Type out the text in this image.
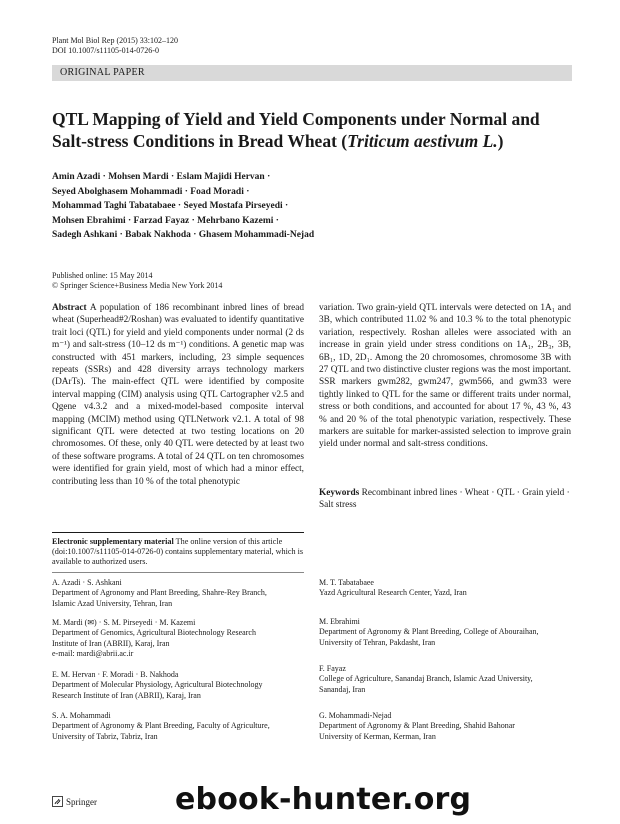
Plant Mol Biol Rep (2015) 33:102–120
DOI 10.1007/s11105-014-0726-0
ORIGINAL PAPER
QTL Mapping of Yield and Yield Components under Normal and Salt-stress Conditions in Bread Wheat (Triticum aestivum L.)
Amin Azadi · Mohsen Mardi · Eslam Majidi Hervan ·
Seyed Abolghasem Mohammadi · Foad Moradi ·
Mohammad Taghi Tabatabaee · Seyed Mostafa Pirseyedi ·
Mohsen Ebrahimi · Farzad Fayaz · Mehrbano Kazemi ·
Sadegh Ashkani · Babak Nakhoda · Ghasem Mohammadi-Nejad
Published online: 15 May 2014
© Springer Science+Business Media New York 2014
Abstract A population of 186 recombinant inbred lines of bread wheat (Superhead#2/Roshan) was evaluated to identify quantitative trait loci (QTL) for yield and yield components under normal (2 ds m⁻¹) and salt-stress (10–12 ds m⁻¹) conditions. A genetic map was constructed with 451 markers, including, 23 simple sequences repeats (SSRs) and 428 diversity arrays technology markers (DArTs). The main-effect QTL were identified by composite interval mapping (CIM) analysis using QTL Cartographer v2.5 and Qgene v4.3.2 and a mixed-model-based composite interval mapping (MCIM) method using QTLNetwork v2.1. A total of 98 significant QTL were detected at two testing locations on 20 chromosomes. Of these, only 40 QTL were detected by at least two of these software programs. A total of 24 QTL on ten chromosomes were identified for grain yield, most of which had a minor effect, contributing less than 10 % of the total phenotypic
variation. Two grain-yield QTL intervals were detected on 1A₁ and 3B, which contributed 11.02 % and 10.3 % to the total phenotypic variation, respectively. Roshan alleles were associated with an increase in grain yield under stress conditions on 1A₁, 2B₃, 3B, 6B₁, 1D, 2D₁. Among the 20 chromosomes, chromosome 3B with 27 QTL and two distinctive cluster regions was the most important. SSR markers gwm282, gwm247, gwm566, and gwm33 were tightly linked to QTL for the same or different traits under normal, stress or both conditions, and accounted for about 17 %, 43 %, 43 % and 20 % of the total phenotypic variation, respectively. These markers are suitable for marker-assisted selection to improve grain yield under normal and salt-stress conditions.
Keywords Recombinant inbred lines · Wheat · QTL · Grain yield · Salt stress
Electronic supplementary material The online version of this article (doi:10.1007/s11105-014-0726-0) contains supplementary material, which is available to authorized users.
A. Azadi · S. Ashkani
Department of Agronomy and Plant Breeding, Shahre-Rey Branch,
Islamic Azad University, Tehran, Iran
M. Mardi (✉) · S. M. Pirseyedi · M. Kazemi
Department of Genomics, Agricultural Biotechnology Research
Institute of Iran (ABRII), Karaj, Iran
e-mail: mardi@abrii.ac.ir
E. M. Hervan · F. Moradi · B. Nakhoda
Department of Molecular Physiology, Agricultural Biotechnology
Research Institute of Iran (ABRII), Karaj, Iran
S. A. Mohammadi
Department of Agronomy & Plant Breeding, Faculty of Agriculture,
University of Tabriz, Tabriz, Iran
M. T. Tabatabaee
Yazd Agricultural Research Center, Yazd, Iran
M. Ebrahimi
Department of Agronomy & Plant Breeding, College of Abouraihan,
University of Tehran, Pakdasht, Iran
F. Fayaz
College of Agriculture, Sanandaj Branch, Islamic Azad University,
Sanandaj, Iran
G. Mohammadi-Nejad
Department of Agronomy & Plant Breeding, Shahid Bahonar
University of Kerman, Kerman, Iran
Springer	ebook-hunter.org
